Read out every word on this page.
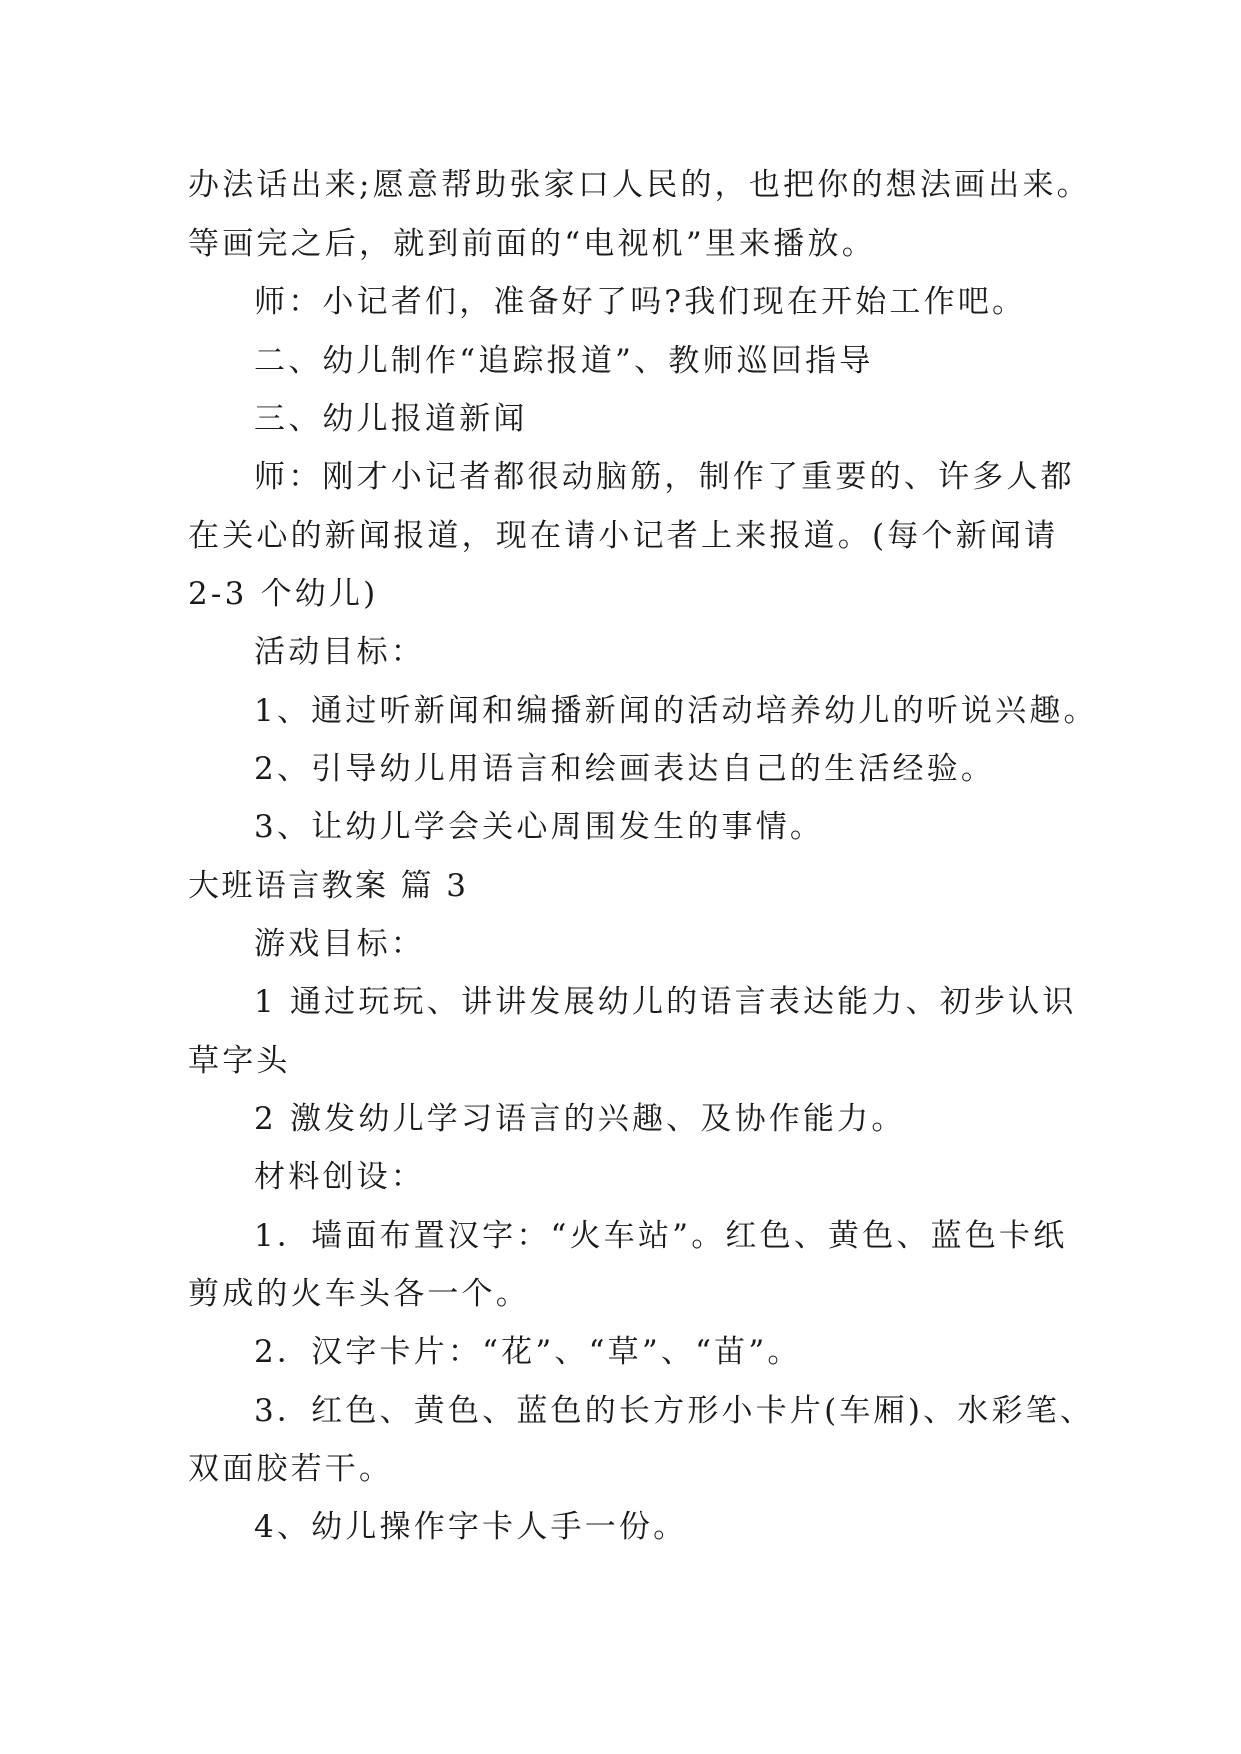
办法话出来;愿意帮助张家口人民的，也把你的想法画出来。

等画完之后，就到前面的“电视机”里来播放。

师：小记者们，准备好了吗?我们现在开始工作吧。

二、幼儿制作“追踪报道”、教师巡回指导

三、幼儿报道新闻

师：刚才小记者都很动脑筋，制作了重要的、许多人都

在关心的新闻报道，现在请小记者上来报道。(每个新闻请

2-3 个幼儿)

活动目标：

1、通过听新闻和编播新闻的活动培养幼儿的听说兴趣。

2、引导幼儿用语言和绘画表达自己的生活经验。

3、让幼儿学会关心周围发生的事情。

大班语言教案 篇 3

游戏目标：

1 通过玩玩、讲讲发展幼儿的语言表达能力、初步认识

草字头

2 激发幼儿学习语言的兴趣、及协作能力。

材料创设：

1．墙面布置汉字：“火车站”。红色、黄色、蓝色卡纸

剪成的火车头各一个。

2．汉字卡片：“花”、“草”、“苗”。

3．红色、黄色、蓝色的长方形小卡片(车厢)、水彩笔、

双面胶若干。

4、幼儿操作字卡人手一份。
